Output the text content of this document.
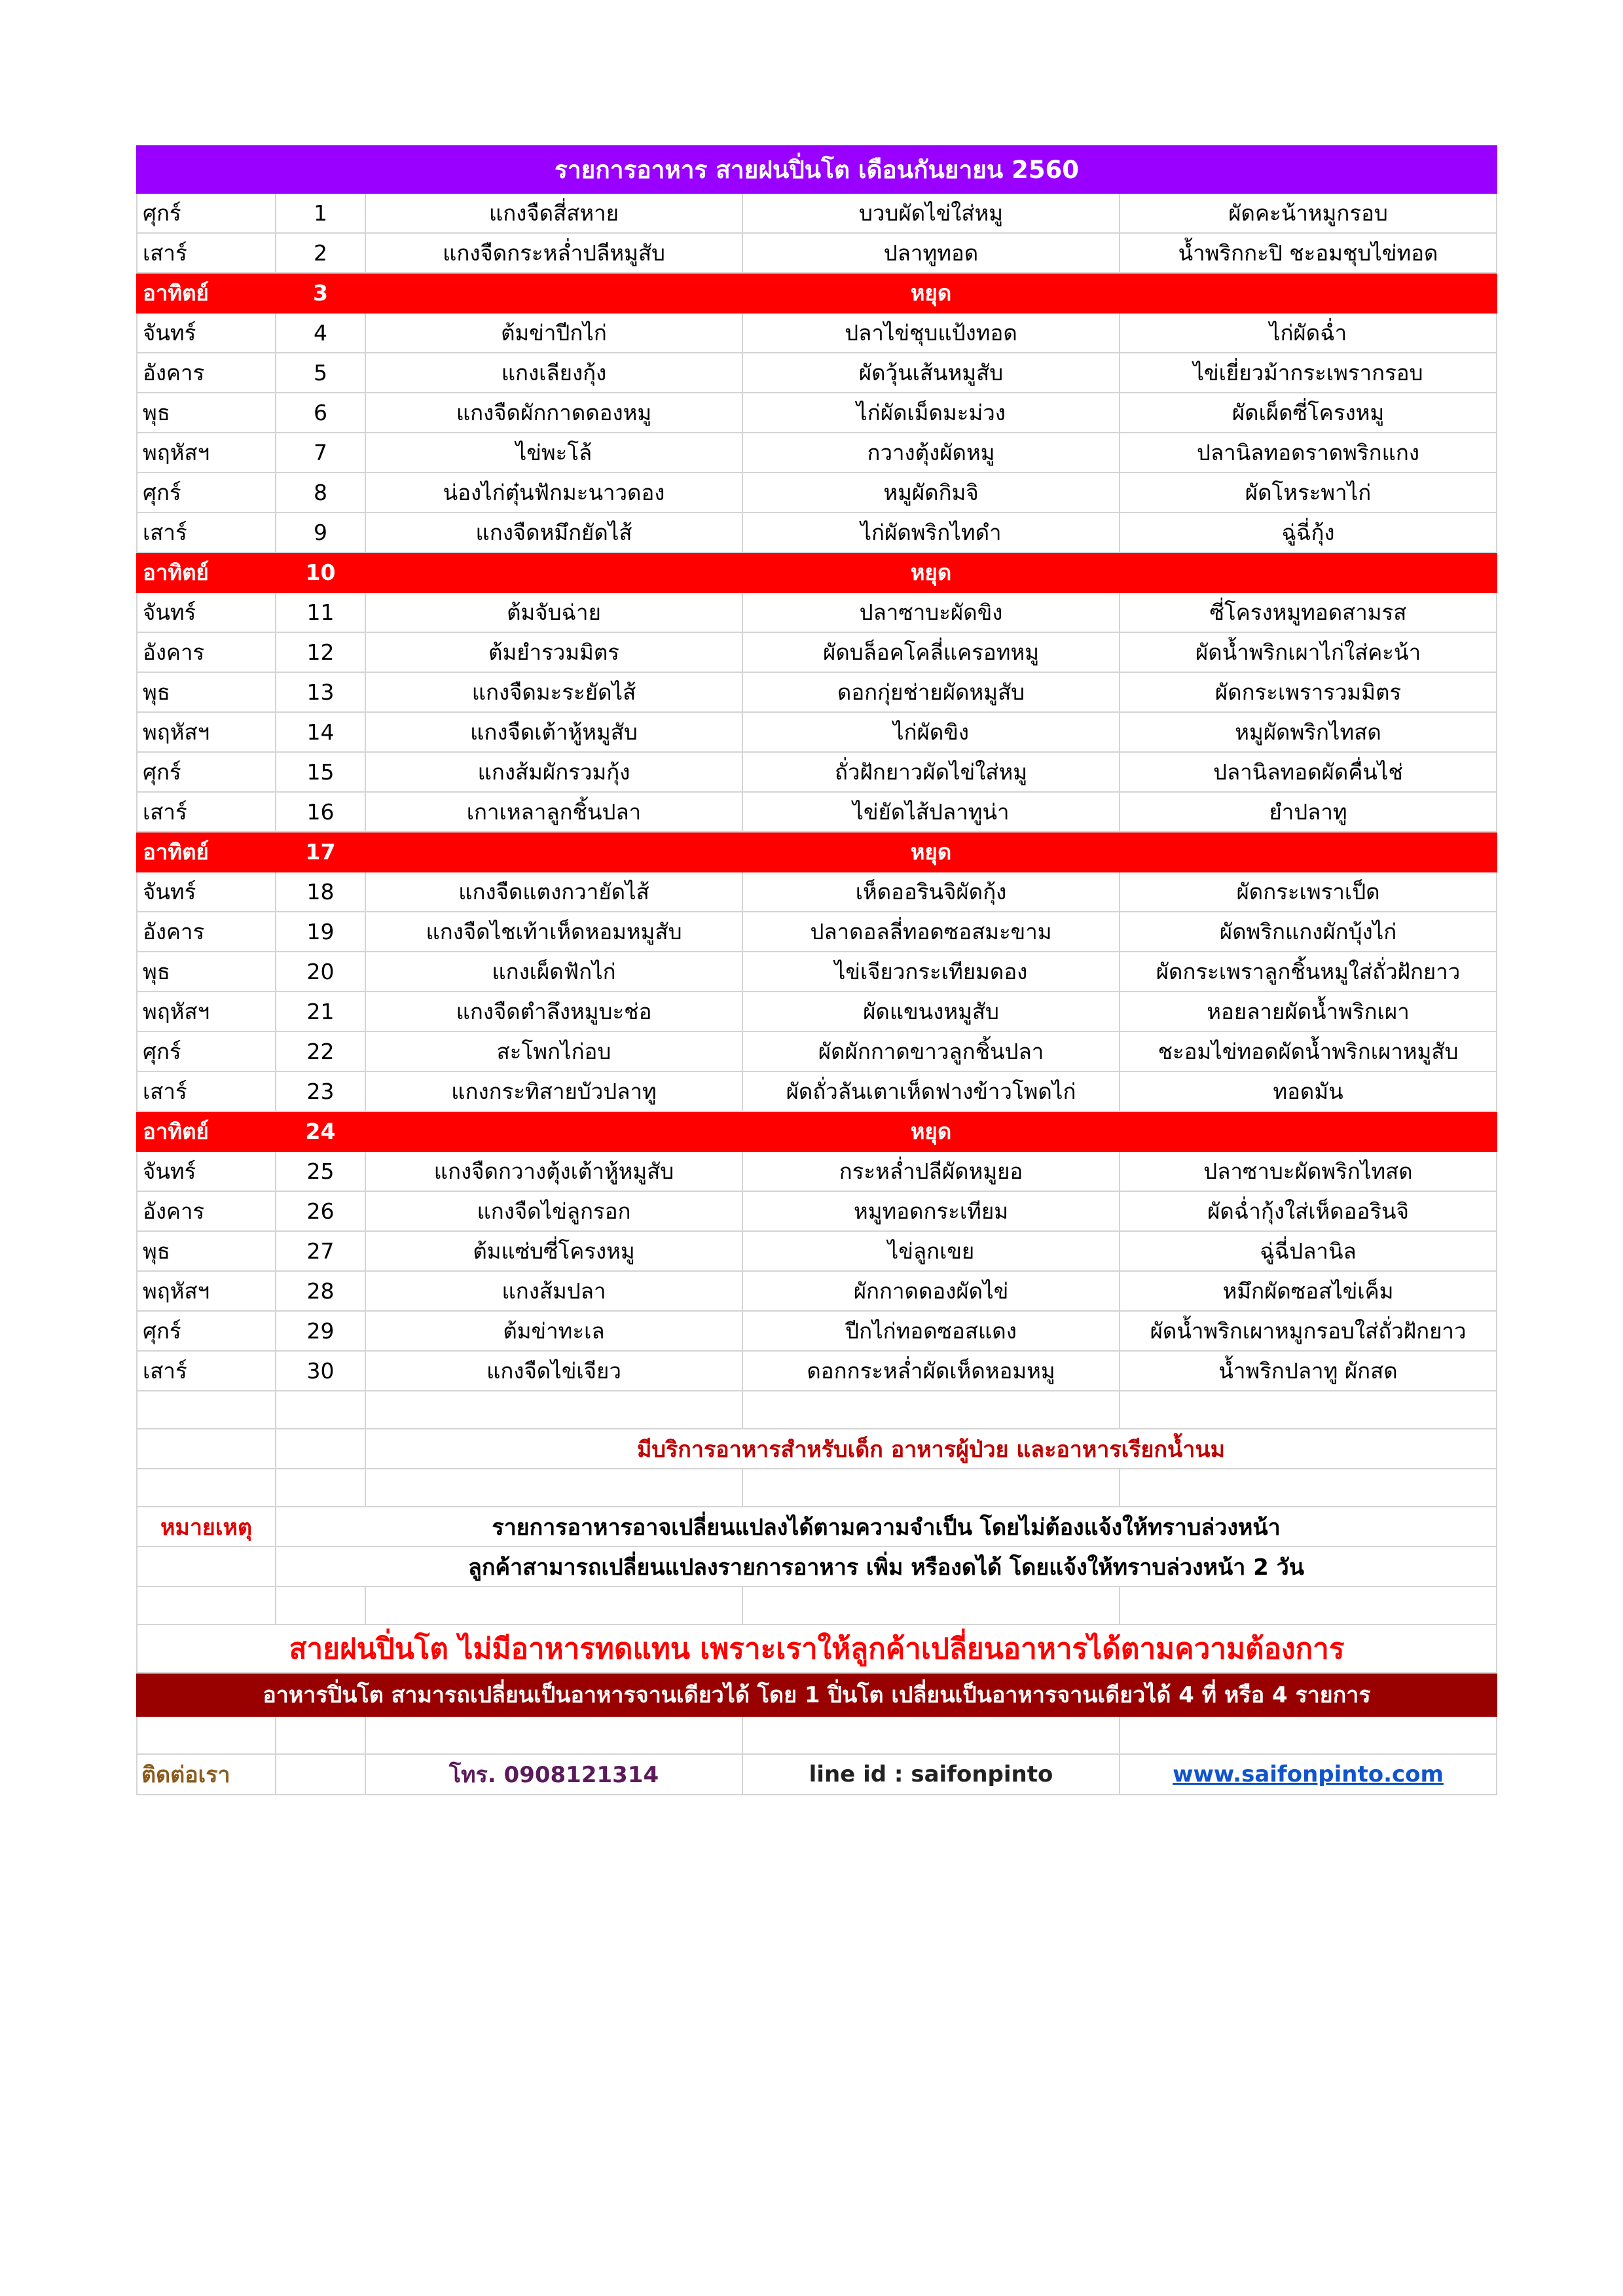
รายการอาหาร สายฝนปิ่นโต เดือนกันยายน 2560				
ศุกร์	1	แกงจืดสี่สหาย	บวบผัดไข่ใส่หมู	ผัดคะน้าหมูกรอบ
เสาร์	2	แกงจืดกระหล่ำปลีหมูสับ	ปลาทูทอด	น้ำพริกกะปิ ชะอมชุบไข่ทอด
อาทิตย์	3		หยุด	
จันทร์	4	ต้มข่าปีกไก่	ปลาไข่ชุบแป้งทอด	ไก่ผัดฉ่ำ
อังคาร	5	แกงเลียงกุ้ง	ผัดวุ้นเส้นหมูสับ	ไข่เยี่ยวม้ากระเพรากรอบ
พุธ	6	แกงจืดผักกาดดองหมู	ไก่ผัดเม็ดมะม่วง	ผัดเผ็ดซี่โครงหมู
พฤหัสฯ	7	ไข่พะโล้	กวางตุ้งผัดหมู	ปลานิลทอดราดพริกแกง
ศุกร์	8	น่องไก่ตุ๋นฟักมะนาวดอง	หมูผัดกิมจิ	ผัดโหระพาไก่
เสาร์	9	แกงจืดหมึกยัดไส้	ไก่ผัดพริกไทดำ	ฉู่ฉี่กุ้ง
อาทิตย์	10		หยุด	
จันทร์	11	ต้มจับฉ่าย	ปลาซาบะผัดขิง	ซี่โครงหมูทอดสามรส
อังคาร	12	ต้มยำรวมมิตร	ผัดบล็อคโคลี่แครอทหมู	ผัดน้ำพริกเผาไก่ใส่คะน้า
พุธ	13	แกงจืดมะระยัดไส้	ดอกกุ่ยช่ายผัดหมูสับ	ผัดกระเพรารวมมิตร
พฤหัสฯ	14	แกงจืดเต้าหู้หมูสับ	ไก่ผัดขิง	หมูผัดพริกไทสด
ศุกร์	15	แกงส้มผักรวมกุ้ง	ถั่วฝักยาวผัดไข่ใส่หมู	ปลานิลทอดผัดคื่นไช่
เสาร์	16	เกาเหลาลูกชิ้นปลา	ไข่ยัดไส้ปลาทูน่า	ยำปลาทู
อาทิตย์	17		หยุด	
จันทร์	18	แกงจืดแตงกวายัดไส้	เห็ดออรินจิผัดกุ้ง	ผัดกระเพราเป็ด
อังคาร	19	แกงจืดไชเท้าเห็ดหอมหมูสับ	ปลาดอลลี่ทอดซอสมะขาม	ผัดพริกแกงผักบุ้งไก่
พุธ	20	แกงเผ็ดฟักไก่	ไข่เจียวกระเทียมดอง	ผัดกระเพราลูกชิ้นหมูใส่ถั่วฝักยาว
พฤหัสฯ	21	แกงจืดตำลึงหมูบะช่อ	ผัดแขนงหมูสับ	หอยลายผัดน้ำพริกเผา
ศุกร์	22	สะโพกไก่อบ	ผัดผักกาดขาวลูกชิ้นปลา	ชะอมไข่ทอดผัดน้ำพริกเผาหมูสับ
เสาร์	23	แกงกระทิสายบัวปลาทู	ผัดถั่วลันเตาเห็ดฟางข้าวโพดไก่	ทอดมัน
อาทิตย์	24		หยุด	
จันทร์	25	แกงจืดกวางตุ้งเต้าหู้หมูสับ	กระหล่ำปลีผัดหมูยอ	ปลาซาบะผัดพริกไทสด
อังคาร	26	แกงจืดไข่ลูกรอก	หมูทอดกระเทียม	ผัดฉ่ำกุ้งใส่เห็ดออรินจิ
พุธ	27	ต้มแซ่บซี่โครงหมู	ไข่ลูกเขย	ฉู่ฉี่ปลานิล
พฤหัสฯ	28	แกงส้มปลา	ผักกาดดองผัดไข่	หมึกผัดซอสไข่เค็ม
ศุกร์	29	ต้มข่าทะเล	ปีกไก่ทอดซอสแดง	ผัดน้ำพริกเผาหมูกรอบใส่ถั่วฝักยาว
เสาร์	30	แกงจืดไข่เจียว	ดอกกระหล่ำผัดเห็ดหอมหมู	น้ำพริกปลาทู ผักสด

		มีบริการอาหารสำหรับเด็ก อาหารผู้ป่วย และอาหารเรียกน้ำนม		

หมายเหตุ	รายการอาหารอาจเปลี่ยนแปลงได้ตามความจำเป็น โดยไม่ต้องแจ้งให้ทราบล่วงหน้า			
	ลูกค้าสามารถเปลี่ยนแปลงรายการอาหาร เพิ่ม หรืองดได้ โดยแจ้งให้ทราบล่วงหน้า 2 วัน			

สายฝนปิ่นโต ไม่มีอาหารทดแทน เพราะเราให้ลูกค้าเปลี่ยนอาหารได้ตามความต้องการ				
อาหารปิ่นโต สามารถเปลี่ยนเป็นอาหารจานเดียวได้ โดย 1 ปิ่นโต เปลี่ยนเป็นอาหารจานเดียวได้ 4 ที่ หรือ 4 รายการ				

ติดต่อเรา		โทร. 0908121314	line id : saifonpinto	www.saifonpinto.com
